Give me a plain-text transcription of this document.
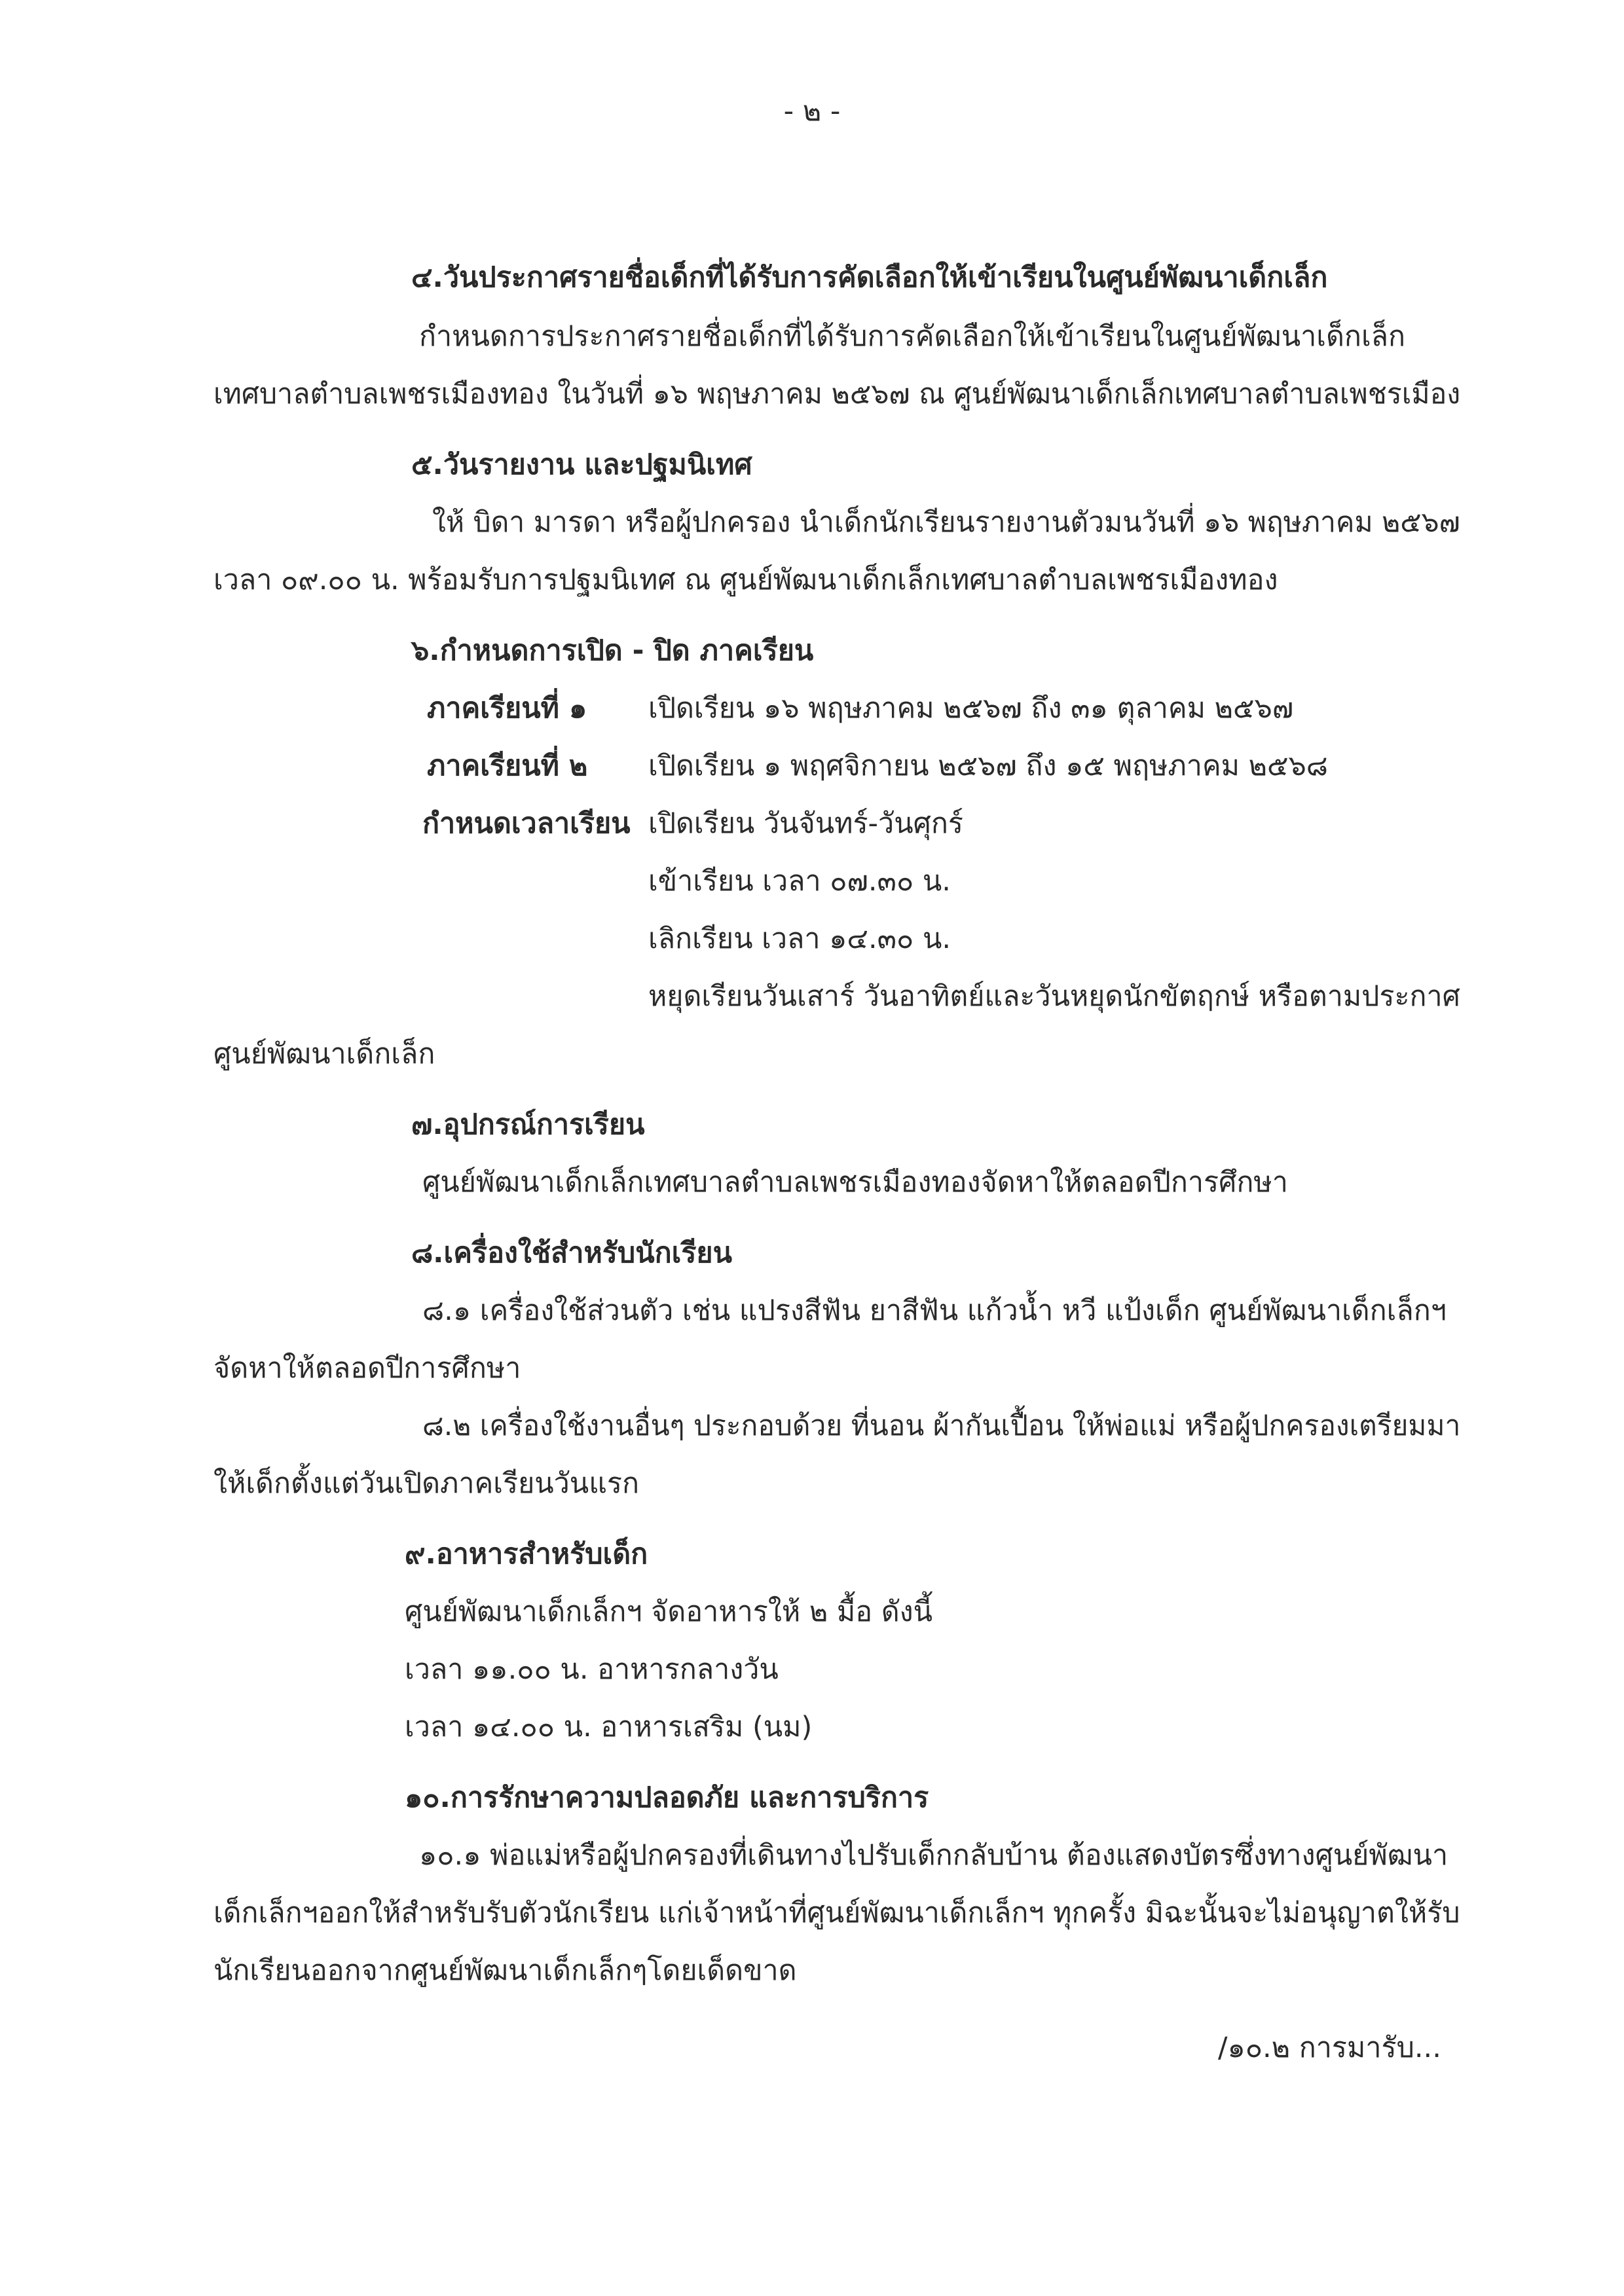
- ๒ -
๔.วันประกาศรายชื่อเด็กที่ได้รับการคัดเลือกให้เข้าเรียนในศูนย์พัฒนาเด็กเล็ก
กำหนดการประกาศรายชื่อเด็กที่ได้รับการคัดเลือกให้เข้าเรียนในศูนย์พัฒนาเด็กเล็ก
เทศบาลตำบลเพชรเมืองทอง ในวันที่ ๑๖ พฤษภาคม ๒๕๖๗ ณ ศูนย์พัฒนาเด็กเล็กเทศบาลตำบลเพชรเมือง
๕.วันรายงาน และปฐมนิเทศ
ให้ บิดา มารดา หรือผู้ปกครอง นำเด็กนักเรียนรายงานตัวมนวันที่ ๑๖ พฤษภาคม ๒๕๖๗
เวลา ๐๙.๐๐ น. พร้อมรับการปฐมนิเทศ ณ ศูนย์พัฒนาเด็กเล็กเทศบาลตำบลเพชรเมืองทอง
๖.กำหนดการเปิด - ปิด ภาคเรียน
ภาคเรียนที่ ๑ เปิดเรียน ๑๖ พฤษภาคม ๒๕๖๗ ถึง ๓๑ ตุลาคม ๒๕๖๗
ภาคเรียนที่ ๒ เปิดเรียน ๑ พฤศจิกายน ๒๕๖๗ ถึง ๑๕ พฤษภาคม ๒๕๖๘
กำหนดเวลาเรียน เปิดเรียน วันจันทร์-วันศุกร์
เข้าเรียน เวลา ๐๗.๓๐ น.
เลิกเรียน เวลา ๑๔.๓๐ น.
หยุดเรียนวันเสาร์ วันอาทิตย์และวันหยุดนักขัตฤกษ์ หรือตามประกาศ
ศูนย์พัฒนาเด็กเล็ก
๗.อุปกรณ์การเรียน
ศูนย์พัฒนาเด็กเล็กเทศบาลตำบลเพชรเมืองทองจัดหาให้ตลอดปีการศึกษา
๘.เครื่องใช้สำหรับนักเรียน
๘.๑ เครื่องใช้ส่วนตัว เช่น แปรงสีฟัน ยาสีฟัน แก้วน้ำ หวี แป้งเด็ก ศูนย์พัฒนาเด็กเล็กฯ
จัดหาให้ตลอดปีการศึกษา
๘.๒ เครื่องใช้งานอื่นๆ ประกอบด้วย ที่นอน ผ้ากันเปื้อน ให้พ่อแม่ หรือผู้ปกครองเตรียมมา
ให้เด็กตั้งแต่วันเปิดภาคเรียนวันแรก
๙.อาหารสำหรับเด็ก
ศูนย์พัฒนาเด็กเล็กฯ จัดอาหารให้ ๒ มื้อ ดังนี้
เวลา ๑๑.๐๐ น. อาหารกลางวัน
เวลา ๑๔.๐๐ น. อาหารเสริม (นม)
๑๐.การรักษาความปลอดภัย และการบริการ
๑๐.๑ พ่อแม่หรือผู้ปกครองที่เดินทางไปรับเด็กกลับบ้าน ต้องแสดงบัตรซึ่งทางศูนย์พัฒนา
เด็กเล็กฯออกให้สำหรับรับตัวนักเรียน แก่เจ้าหน้าที่ศูนย์พัฒนาเด็กเล็กฯ ทุกครั้ง มิฉะนั้นจะไม่อนุญาตให้รับ
นักเรียนออกจากศูนย์พัฒนาเด็กเล็กๆโดยเด็ดขาด
/๑๐.๒ การมารับ...
